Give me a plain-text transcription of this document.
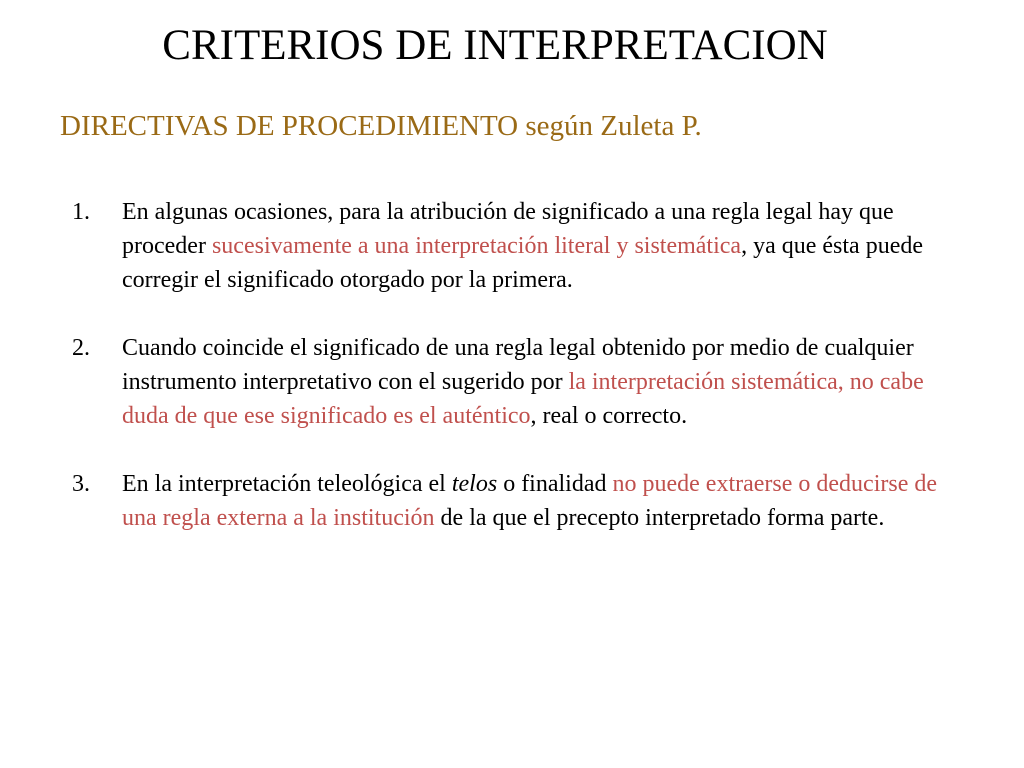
CRITERIOS DE INTERPRETACION
DIRECTIVAS DE PROCEDIMIENTO según Zuleta P.
1. En algunas ocasiones, para la atribución de significado a una regla legal hay que proceder sucesivamente a una interpretación literal y sistemática, ya que ésta puede corregir el significado otorgado por la primera.
2. Cuando coincide el significado de una regla legal obtenido por medio de cualquier instrumento interpretativo con el sugerido por la interpretación sistemática, no cabe duda de que ese significado es el auténtico, real o correcto.
3. En la interpretación teleológica el telos o finalidad no puede extraerse o deducirse de una regla externa a la institución de la que el precepto interpretado forma parte.
